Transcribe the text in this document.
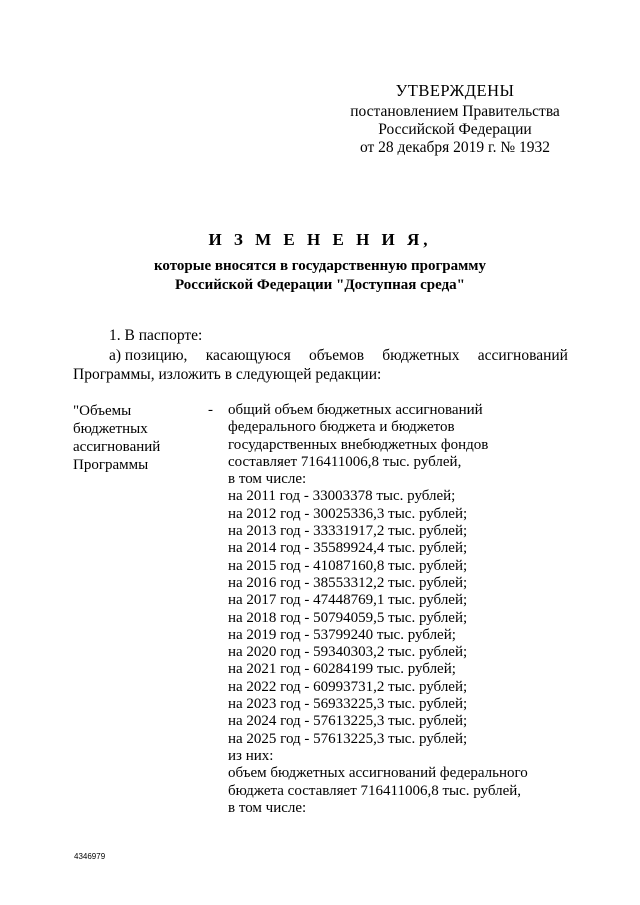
УТВЕРЖДЕНЫ
постановлением Правительства
Российской Федерации
от 28 декабря 2019 г. № 1932
И З М Е Н Е Н И Я,
которые вносятся в государственную программу
Российской Федерации "Доступная среда"
1. В паспорте:
а) позицию, касающуюся объемов бюджетных ассигнований
Программы, изложить в следующей редакции:
"Объемы
бюджетных
ассигнований
Программы
- общий объем бюджетных ассигнований
федерального бюджета и бюджетов
государственных внебюджетных фондов
составляет 716411006,8 тыс. рублей,
в том числе:
на 2011 год - 33003378 тыс. рублей;
на 2012 год - 30025336,3 тыс. рублей;
на 2013 год - 33331917,2 тыс. рублей;
на 2014 год - 35589924,4 тыс. рублей;
на 2015 год - 41087160,8 тыс. рублей;
на 2016 год - 38553312,2 тыс. рублей;
на 2017 год - 47448769,1 тыс. рублей;
на 2018 год - 50794059,5 тыс. рублей;
на 2019 год - 53799240 тыс. рублей;
на 2020 год - 59340303,2 тыс. рублей;
на 2021 год - 60284199 тыс. рублей;
на 2022 год - 60993731,2 тыс. рублей;
на 2023 год - 56933225,3 тыс. рублей;
на 2024 год - 57613225,3 тыс. рублей;
на 2025 год - 57613225,3 тыс. рублей;
из них:
объем бюджетных ассигнований федерального
бюджета составляет 716411006,8 тыс. рублей,
в том числе:
4346979
